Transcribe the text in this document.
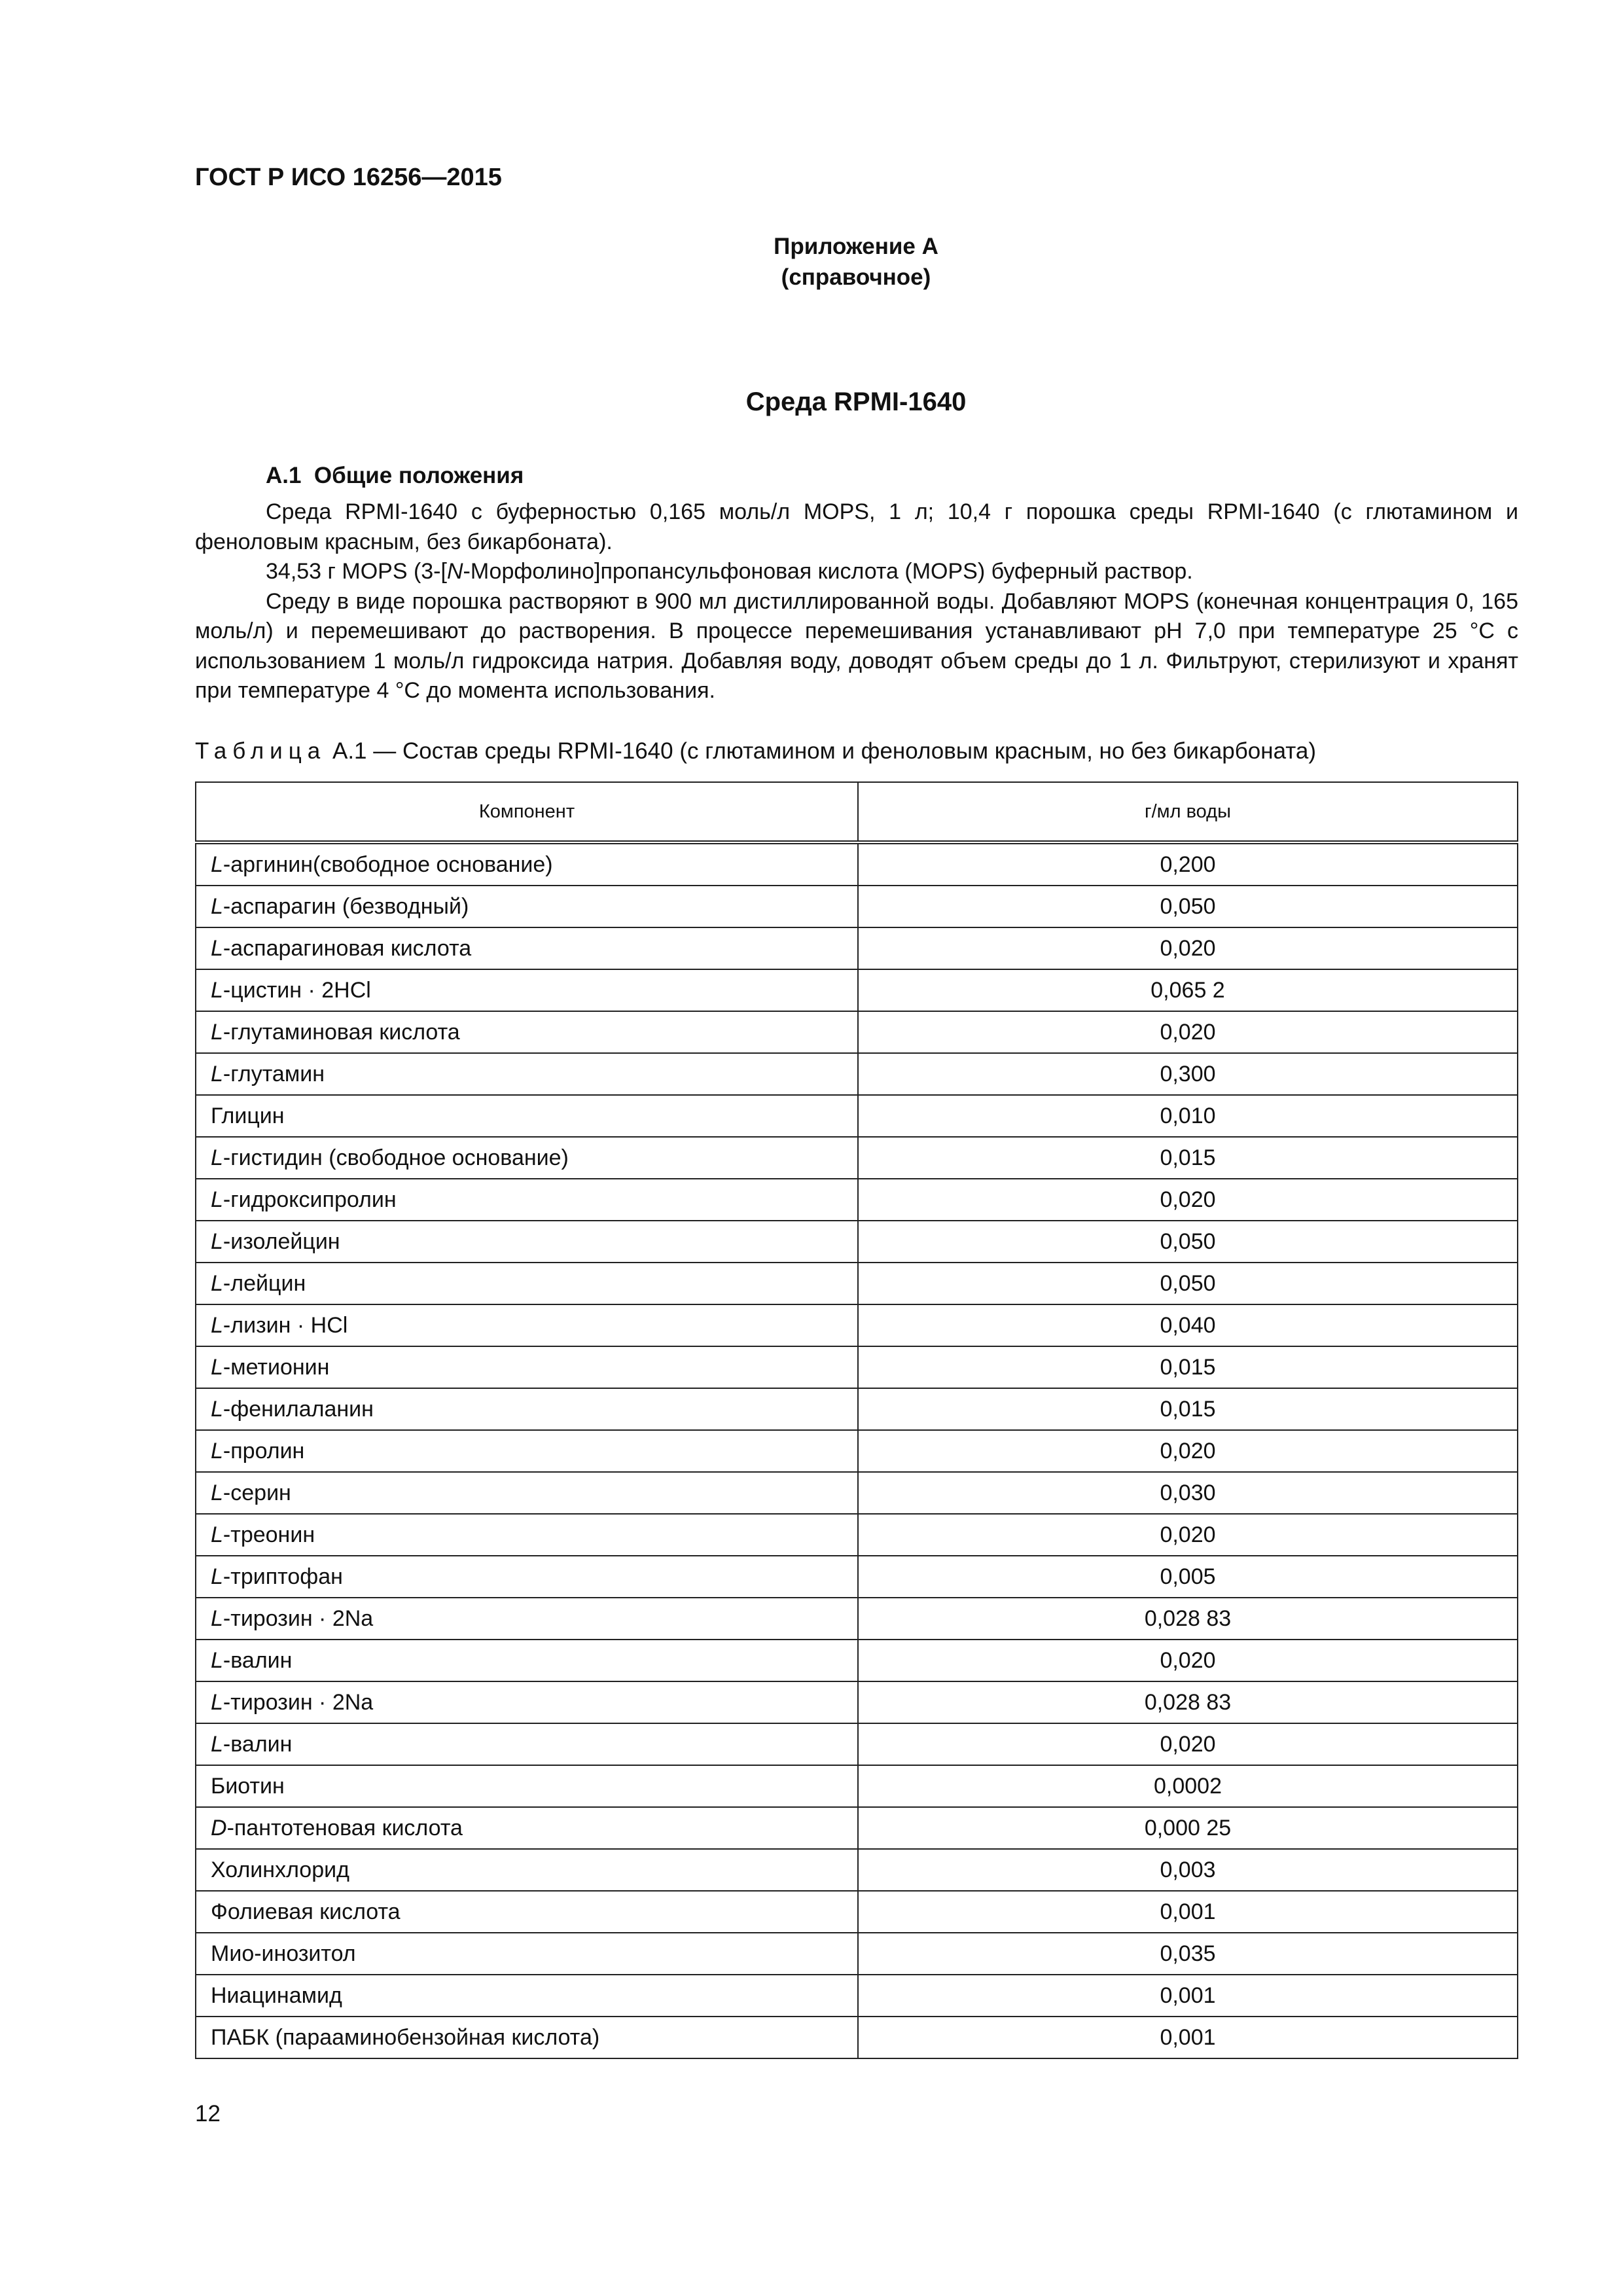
ГОСТ Р ИСО 16256—2015
Приложение А
(справочное)
Среда RPMI-1640
А.1 Общие положения

Среда RPMI-1640 с буферностью 0,165 моль/л MOPS, 1 л; 10,4 г порошка среды RPMI-1640 (с глютамином и феноловым красным, без бикарбоната).

34,53 г MOPS (3-[N-Морфолино]пропансульфоновая кислота (MOPS) буферный раствор.

Среду в виде порошка растворяют в 900 мл дистиллированной воды. Добавляют MOPS (конечная концентрация 0, 165 моль/л) и перемешивают до растворения. В процессе перемешивания устанавливают pH 7,0 при температуре 25 °С с использованием 1 моль/л гидроксида натрия. Добавляя воду, доводят объем среды до 1 л. Фильтруют, стерилизуют и хранят при температуре 4 °С до момента использования.

Таблица А.1 — Состав среды RPMI-1640 (с глютамином и феноловым красным, но без бикарбоната)
Компонент	г/мл воды
L-аргинин(свободное основание)	0,200
L-аспарагин (безводный)	0,050
L-аспарагиновая кислота	0,020
L-цистин · 2HCl	0,065 2
L-глутаминовая кислота	0,020
L-глутамин	0,300
Глицин	0,010
L-гистидин (свободное основание)	0,015
L-гидроксипролин	0,020
L-изолейцин	0,050
L-лейцин	0,050
L-лизин · HCl	0,040
L-метионин	0,015
L-фенилаланин	0,015
L-пролин	0,020
L-серин	0,030
L-треонин	0,020
L-триптофан	0,005
L-тирозин · 2Na	0,028 83
L-валин	0,020
L-тирозин · 2Na	0,028 83
L-валин	0,020
Биотин	0,0002
D-пантотеновая кислота	0,000 25
Холинхлорид	0,003
Фолиевая кислота	0,001
Мио-инозитол	0,035
Ниацинамид	0,001
ПАБК (парааминобензойная кислота)	0,001
12
